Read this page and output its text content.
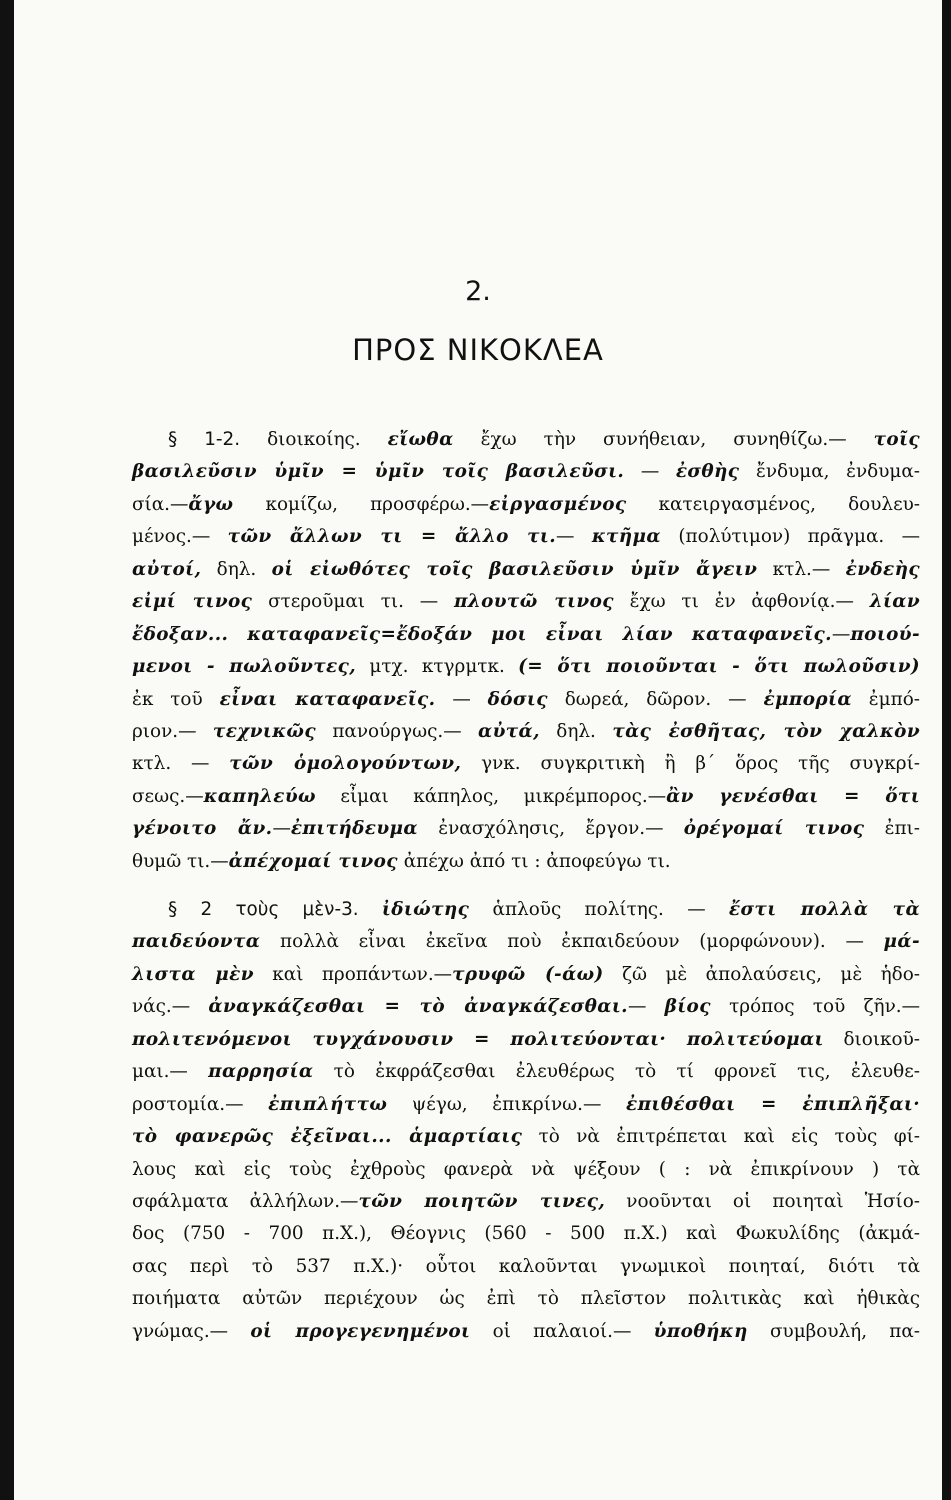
2.
ΠΡΟΣ ΝΙΚΟΚΛΕΑ
§ 1-2. διοικοίης. εἴωθα ἔχω τὴν συνήθειαν, συνηθίζω.— τοῖς
βασιλεῦσιν ὑμῖν = ὑμῖν τοῖς βασιλεῦσι. — ἐσθὴς ἔνδυμα, ἐνδυμα-
σία.—ἄγω κομίζω, προσφέρω.—εἰργασμένος κατειργασμένος, δουλευ-
μένος.— τῶν ἄλλων τι = ἄλλο τι.— κτῆμα (πολύτιμον) πρᾶγμα. —
αὐτοί, δηλ. οἱ εἰωθότες τοῖς βασιλεῦσιν ὑμῖν ἄγειν κτλ.— ἐνδεὴς
εἰμί τινος στεροῦμαι τι. — πλουτῶ τινος ἔχω τι ἐν ἀφθονίᾳ.— λίαν
ἔδοξαν... καταφανεῖς=ἔδοξάν μοι εἶναι λίαν καταφανεῖς.—ποιού-
μενοι - πωλοῦντες, μτχ. κτγρμτκ. (= ὅτι ποιοῦνται - ὅτι πωλοῦσιν)
ἐκ τοῦ εἶναι καταφανεῖς. — δόσις δωρεά, δῶρον. — ἐμπορία ἐμπό-
ριον.— τεχνικῶς πανούργως.— αὐτά, δηλ. τὰς ἐσθῆτας, τὸν χαλκὸν
κτλ. — τῶν ὁμολογούντων, γνκ. συγκριτικὴ ἢ β΄ ὅρος τῆς συγκρί-
σεως.—καπηλεύω εἶμαι κάπηλος, μικρέμπορος.—ἂν γενέσθαι = ὅτι
γένοιτο ἄν.—ἐπιτήδευμα ἐνασχόλησις, ἔργον.— ὀρέγομαί τινος ἐπι-
θυμῶ τι.—ἀπέχομαί τινος ἀπέχω ἀπό τι : ἀποφεύγω τι.
§ 2 τοὺς μὲν-3. ἰδιώτης ἁπλοῦς πολίτης. — ἔστι πολλὰ τὰ
παιδεύοντα πολλὰ εἶναι ἐκεῖνα ποὺ ἐκπαιδεύουν (μορφώνουν). — μά-
λιστα μὲν καὶ προπάντων.—τρυφῶ (-άω) ζῶ μὲ ἀπολαύσεις, μὲ ἡδο-
νάς.— ἀναγκάζεσθαι = τὸ ἀναγκάζεσθαι.— βίος τρόπος τοῦ ζῆν.—
πολιτενόμενοι τυγχάνουσιν = πολιτεύονται· πολιτεύομαι διοικοῦ-
μαι.— παρρησία τὸ ἐκφράζεσθαι ἐλευθέρως τὸ τί φρονεῖ τις, ἐλευθε-
ροστομία.— ἐπιπλήττω ψέγω, ἐπικρίνω.— ἐπιθέσθαι = ἐπιπλῆξαι·
τὸ φανερῶς ἐξεῖναι... ἁμαρτίαις τὸ νὰ ἐπιτρέπεται καὶ εἰς τοὺς φί-
λους καὶ εἰς τοὺς ἐχθροὺς φανερὰ νὰ ψέξουν ( : νὰ ἐπικρίνουν ) τὰ
σφάλματα ἀλλήλων.—τῶν ποιητῶν τινες, νοοῦνται οἱ ποιηταὶ Ἡσίο-
δος (750 - 700 π.Χ.), Θέογνις (560 - 500 π.Χ.) καὶ Φωκυλίδης (ἀκμά-
σας περὶ τὸ 537 π.Χ.)· οὗτοι καλοῦνται γνωμικοὶ ποιηταί, διότι τὰ
ποιήματα αὐτῶν περιέχουν ὡς ἐπὶ τὸ πλεῖστον πολιτικὰς καὶ ἠθικὰς
γνώμας.— οἱ προγεγενημένοι οἱ παλαιοί.— ὑποθήκη συμβουλή, πα-
